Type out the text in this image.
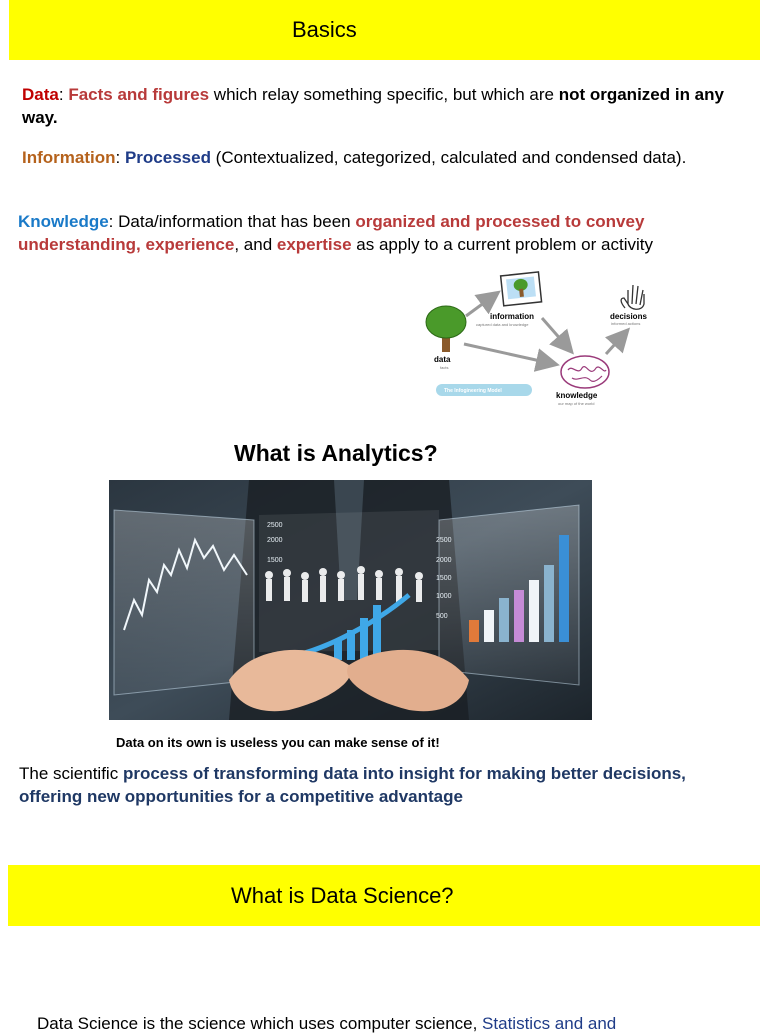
Basics
Data: Facts and figures which relay something specific, but which are not organized in any way.
Information: Processed (Contextualized, categorized, calculated and condensed data).
Knowledge: Data/information that has been organized and processed to convey understanding, experience, and expertise as apply to a current problem or activity
data
facts
information
captured data and knowledge
decisions
informed actions
knowledge
our map of the world
The Infogineering Model
What is Analytics?
2500
2000
1500
2500
2000
1500
1000
500
Data on its own is useless you can make sense of it!
The scientific process of transforming data into insight for making better decisions, offering new opportunities for a competitive advantage
What is Data Science?
Data Science is the science which uses computer science, Statistics and and
